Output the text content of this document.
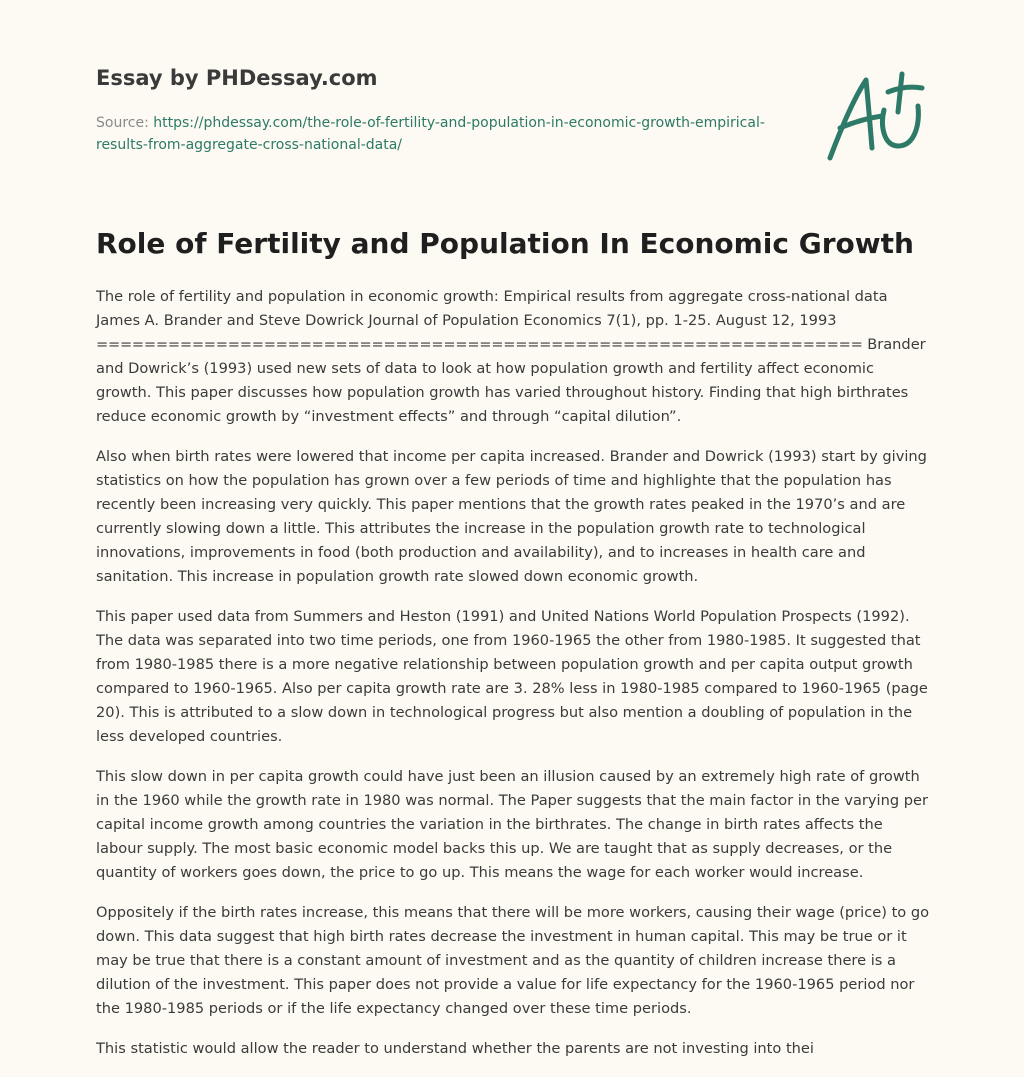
Essay by PHDessay.com
Source: https://phdessay.com/the-role-of-fertility-and-population-in-economic-growth-empirical-results-from-aggregate-cross-national-data/
Role of Fertility and Population In Economic Growth

The role of fertility and population in economic growth: Empirical results from aggregate cross-national data James A. Brander and Steve Dowrick Journal of Population Economics 7(1), pp. 1-25. August 12, 1993 ================================================================ Brander and Dowrick’s (1993) used new sets of data to look at how population growth and fertility affect economic growth. This paper discusses how population growth has varied throughout history. Finding that high birthrates reduce economic growth by “investment effects” and through “capital dilution”.

Also when birth rates were lowered that income per capita increased. Brander and Dowrick (1993) start by giving statistics on how the population has grown over a few periods of time and highlighte that the population has recently been increasing very quickly. This paper mentions that the growth rates peaked in the 1970’s and are currently slowing down a little. This attributes the increase in the population growth rate to technological innovations, improvements in food (both production and availability), and to increases in health care and sanitation. This increase in population growth rate slowed down economic growth.

This paper used data from Summers and Heston (1991) and United Nations World Population Prospects (1992). The data was separated into two time periods, one from 1960-1965 the other from 1980-1985. It suggested that from 1980-1985 there is a more negative relationship between population growth and per capita output growth compared to 1960-1965. Also per capita growth rate are 3. 28% less in 1980-1985 compared to 1960-1965 (page 20). This is attributed to a slow down in technological progress but also mention a doubling of population in the less developed countries.

This slow down in per capita growth could have just been an illusion caused by an extremely high rate of growth in the 1960 while the growth rate in 1980 was normal. The Paper suggests that the main factor in the varying per capital income growth among countries the variation in the birthrates. The change in birth rates affects the labour supply. The most basic economic model backs this up. We are taught that as supply decreases, or the quantity of workers goes down, the price to go up. This means the wage for each worker would increase.

Oppositely if the birth rates increase, this means that there will be more workers, causing their wage (price) to go down. This data suggest that high birth rates decrease the investment in human capital. This may be true or it may be true that there is a constant amount of investment and as the quantity of children increase there is a dilution of the investment. This paper does not provide a value for life expectancy for the 1960-1965 period nor the 1980-1985 periods or if the life expectancy changed over these time periods.

This statistic would allow the reader to understand whether the parents are not investing into thei
